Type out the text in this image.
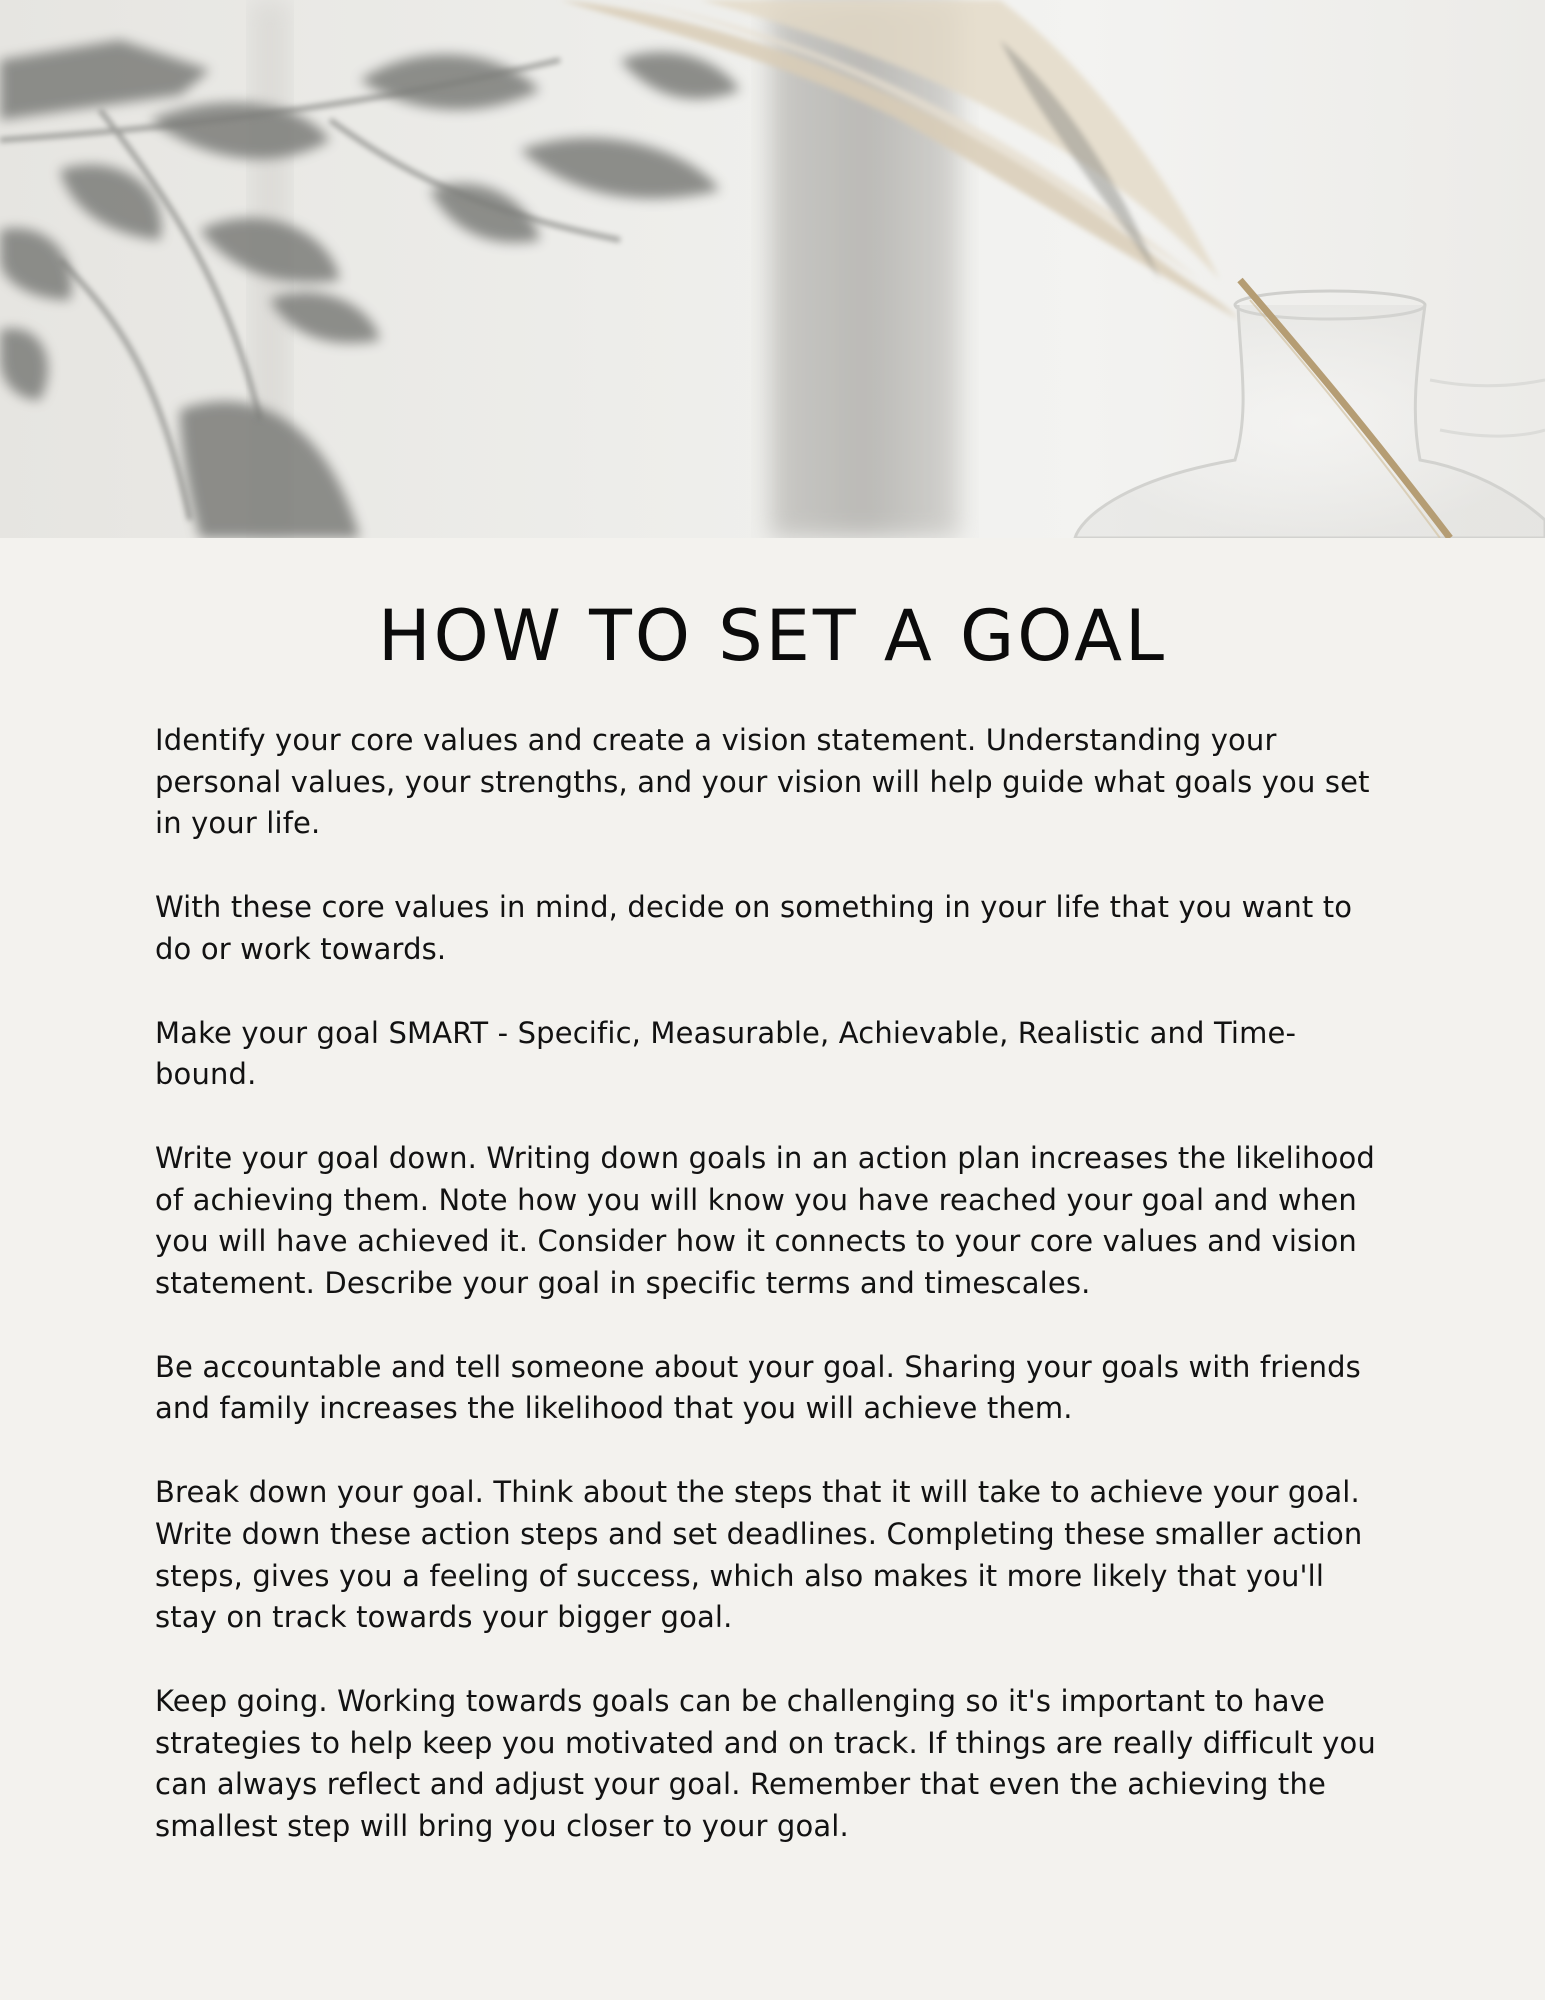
HOW TO SET A GOAL

Identify your core values and create a vision statement. Understanding your personal values, your strengths, and your vision will help guide what goals you set in your life.

With these core values in mind, decide on something in your life that you want to do or work towards.

Make your goal SMART - Specific, Measurable, Achievable, Realistic and Time-bound.

Write your goal down. Writing down goals in an action plan increases the likelihood of achieving them. Note how you will know you have reached your goal and when you will have achieved it. Consider how it connects to your core values and vision statement. Describe your goal in specific terms and timescales.

Be accountable and tell someone about your goal. Sharing your goals with friends and family increases the likelihood that you will achieve them.

Break down your goal. Think about the steps that it will take to achieve your goal. Write down these action steps and set deadlines. Completing these smaller action steps, gives you a feeling of success, which also makes it more likely that you'll stay on track towards your bigger goal.

Keep going. Working towards goals can be challenging so it's important to have strategies to help keep you motivated and on track. If things are really difficult you can always reflect and adjust your goal. Remember that even the achieving the smallest step will bring you closer to your goal.
